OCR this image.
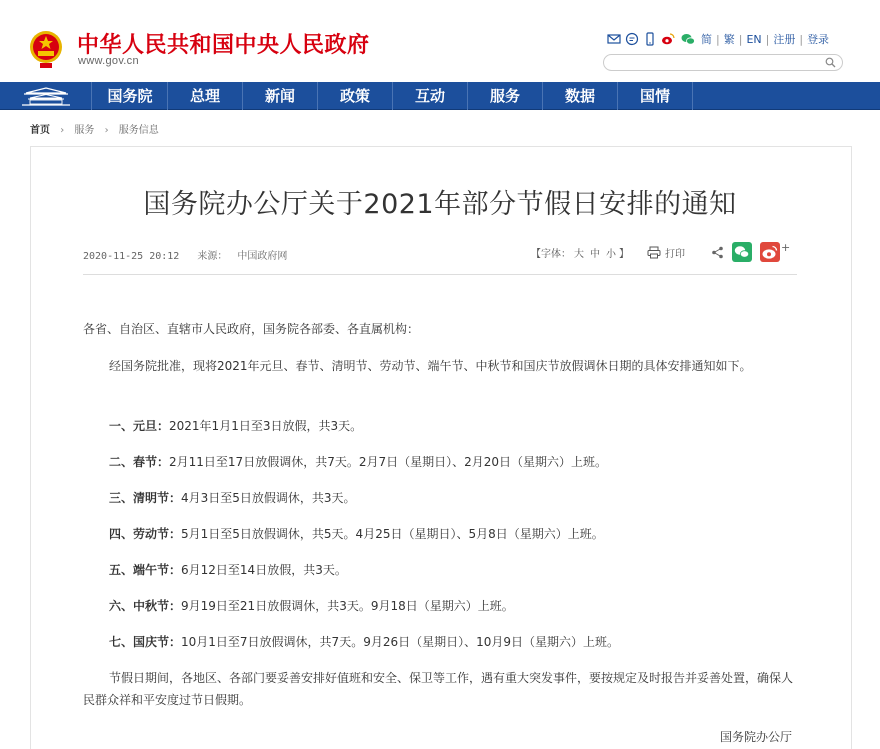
中华人民共和国中央人民政府
www.gov.cn
简 | 繁 | EN | 注册 | 登录
国务院	总理	新闻	政策	互动	服务	数据	国情
首页 › 服务 › 服务信息
国务院办公厅关于2021年部分节假日安排的通知
2020-11-25 20:12 来源： 中国政府网	【字体： 大 中 小 】	打印
+
各省、自治区、直辖市人民政府，国务院各部委、各直属机构：
经国务院批准，现将2021年元旦、春节、清明节、劳动节、端午节、中秋节和国庆节放假调休日期的具体安排通知如下。
一、元旦：2021年1月1日至3日放假，共3天。
二、春节：2月11日至17日放假调休，共7天。2月7日（星期日）、2月20日（星期六）上班。
三、清明节：4月3日至5日放假调休，共3天。
四、劳动节：5月1日至5日放假调休，共5天。4月25日（星期日）、5月8日（星期六）上班。
五、端午节：6月12日至14日放假，共3天。
六、中秋节：9月19日至21日放假调休，共3天。9月18日（星期六）上班。
七、国庆节：10月1日至7日放假调休，共7天。9月26日（星期日）、10月9日（星期六）上班。
节假日期间，各地区、各部门要妥善安排好值班和安全、保卫等工作，遇有重大突发事件，要按规定及时报告并妥善处置，确保人民群众祥和平安度过节日假期。
国务院办公厅
